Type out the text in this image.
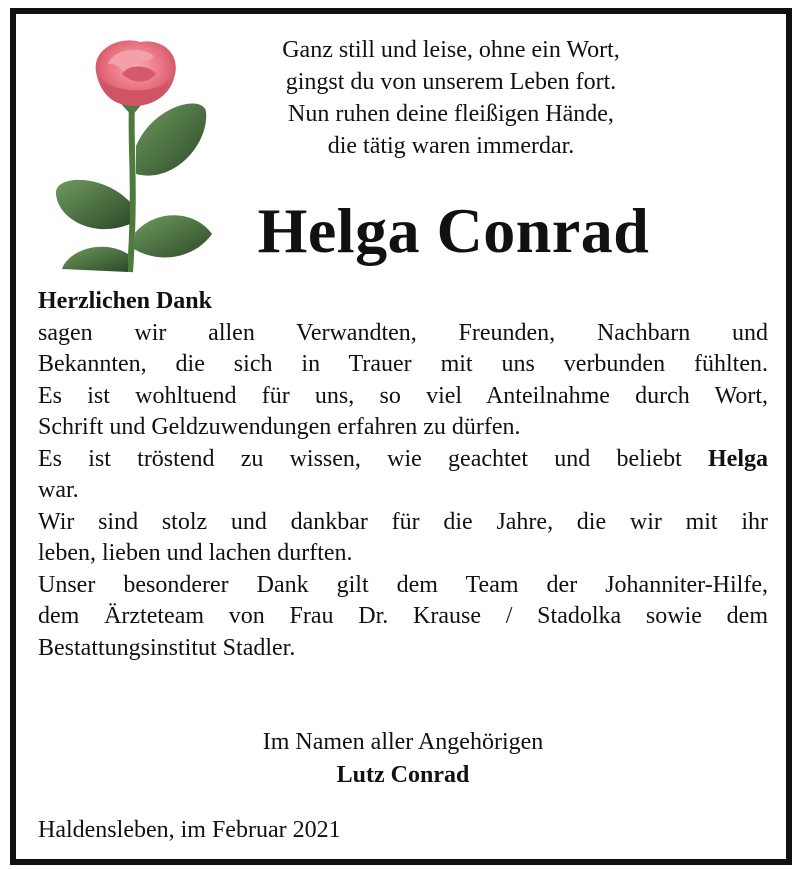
Ganz still und leise, ohne ein Wort,
gingst du von unserem Leben fort.
Nun ruhen deine fleißigen Hände,
die tätig waren immerdar.
Helga Conrad
Herzlichen Dank
sagen wir allen Verwandten, Freunden, Nachbarn und
Bekannten, die sich in Trauer mit uns verbunden fühlten.
Es ist wohltuend für uns, so viel Anteilnahme durch Wort,
Schrift und Geldzuwendungen erfahren zu dürfen.
Es ist tröstend zu wissen, wie geachtet und beliebt Helga
war.
Wir sind stolz und dankbar für die Jahre, die wir mit ihr
leben, lieben und lachen durften.
Unser besonderer Dank gilt dem Team der Johanniter-Hilfe,
dem Ärzteteam von Frau Dr. Krause / Stadolka sowie dem
Bestattungsinstitut Stadler.
Im Namen aller Angehörigen
Lutz Conrad
Haldensleben, im Februar 2021
